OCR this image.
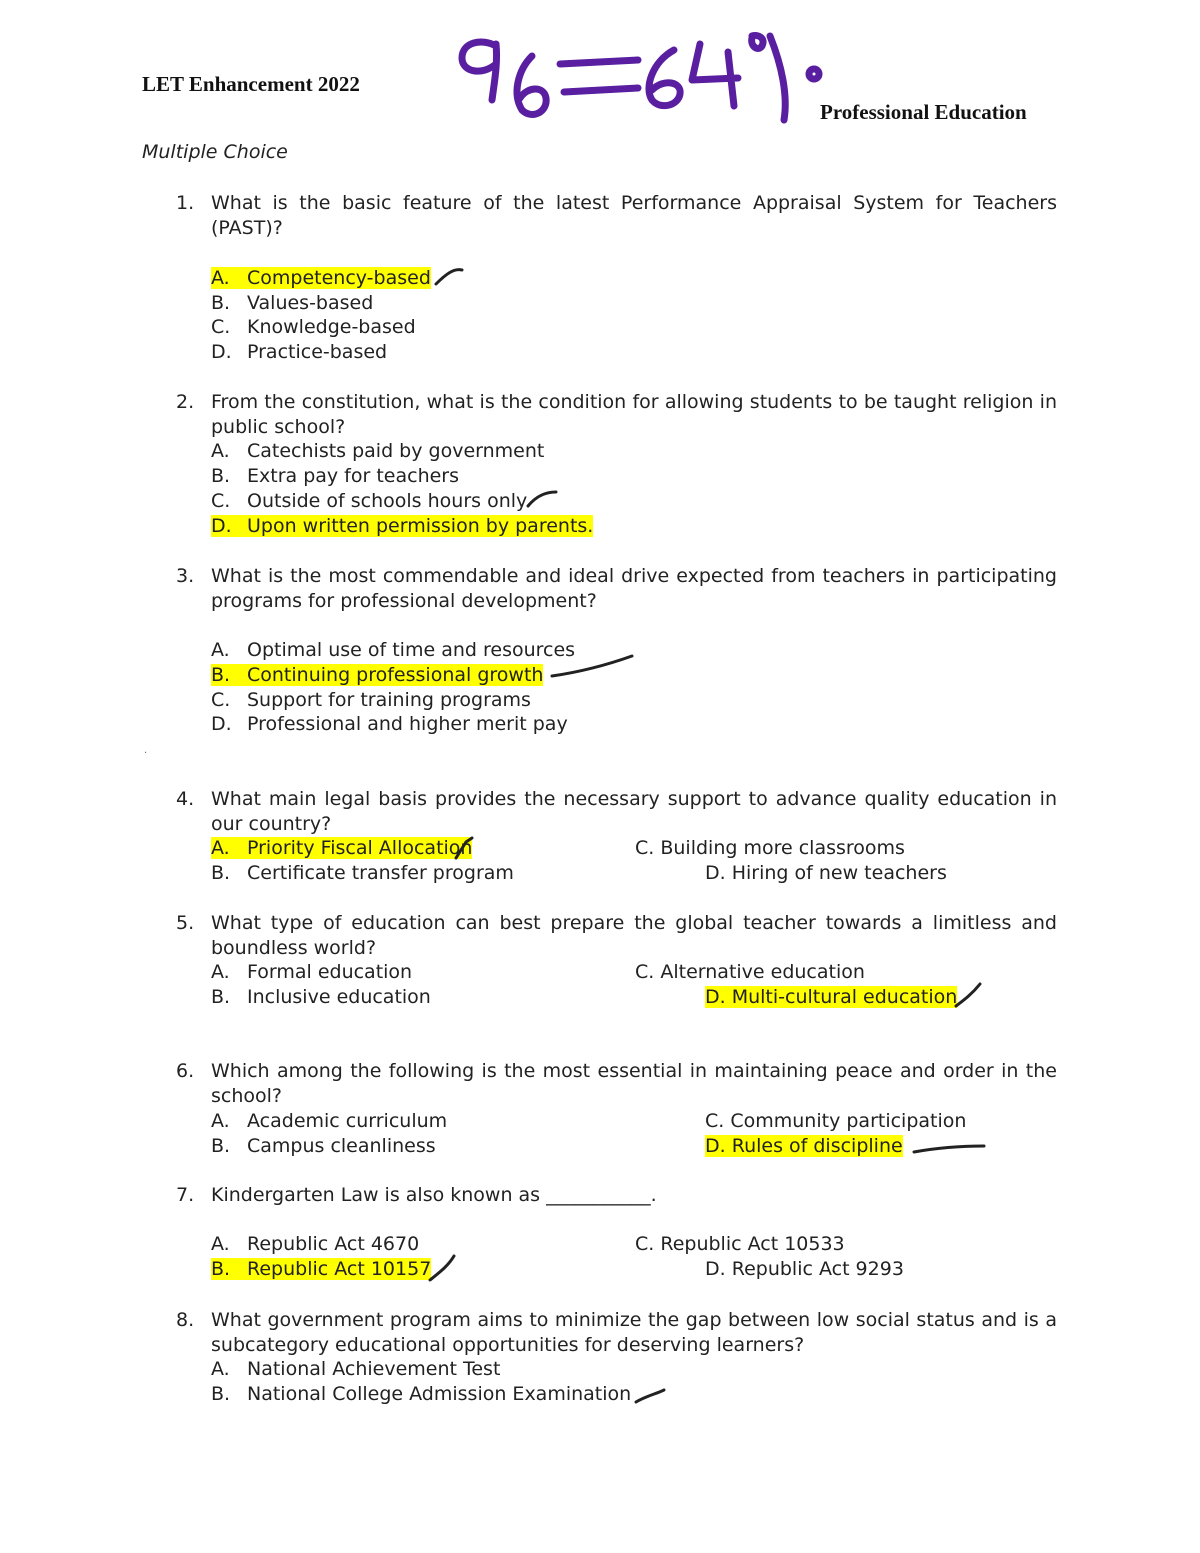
LET Enhancement 2022
Professional Education
Multiple Choice
1. What is the basic feature of the latest Performance Appraisal System for Teachers (PAST)?
A. Competency-based
B. Values-based
C. Knowledge-based
D. Practice-based
2. From the constitution, what is the condition for allowing students to be taught religion in public school?
A. Catechists paid by government
B. Extra pay for teachers
C. Outside of schools hours only
D. Upon written permission by parents.
3. What is the most commendable and ideal drive expected from teachers in participating programs for professional development?
A. Optimal use of time and resources
B. Continuing professional growth
C. Support for training programs
D. Professional and higher merit pay
.
4. What main legal basis provides the necessary support to advance quality education in our country?
A. Priority Fiscal Allocation
B. Certificate transfer program
C. Building more classrooms
D. Hiring of new teachers
5. What type of education can best prepare the global teacher towards a limitless and boundless world?
A. Formal education
B. Inclusive education
C. Alternative education
D. Multi-cultural education
6. Which among the following is the most essential in maintaining peace and order in the school?
A. Academic curriculum
B. Campus cleanliness
C. Community participation
D. Rules of discipline
7. Kindergarten Law is also known as ___________.
A. Republic Act 4670
B. Republic Act 10157
C. Republic Act 10533
D. Republic Act 9293
8. What government program aims to minimize the gap between low social status and is a subcategory educational opportunities for deserving learners?
A. National Achievement Test
B. National College Admission Examination
